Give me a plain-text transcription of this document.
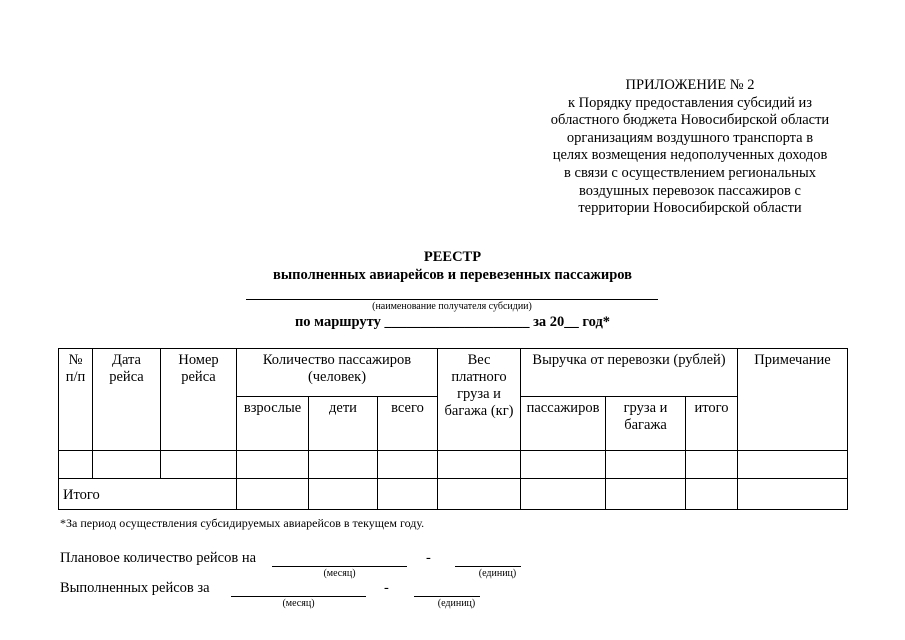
ПРИЛОЖЕНИЕ № 2
к Порядку предоставления субсидий из
областного бюджета Новосибирской области
организациям воздушного транспорта в
целях возмещения недополученных доходов
в связи с осуществлением региональных
воздушных перевозок пассажиров с
территории Новосибирской области
РЕЕСТР
выполненных авиарейсов и перевезенных пассажиров
(наименование получателя субсидии)
по маршруту ____________________ за 20__ год*
№ п/п	Дата рейса	Номер рейса	Количество пассажиров (человек)			Вес платного груза и багажа (кг)	Выручка от перевозки (рублей)			Примечание
			взрослые	дети	всего		пассажиров	груза и багажа	итого	

Итого										
*За период осуществления субсидируемых авиарейсов в текущем году.
Плановое количество рейсов на	-
(месяц)	(единиц)
Выполненных рейсов за	-
(месяц)	(единиц)
